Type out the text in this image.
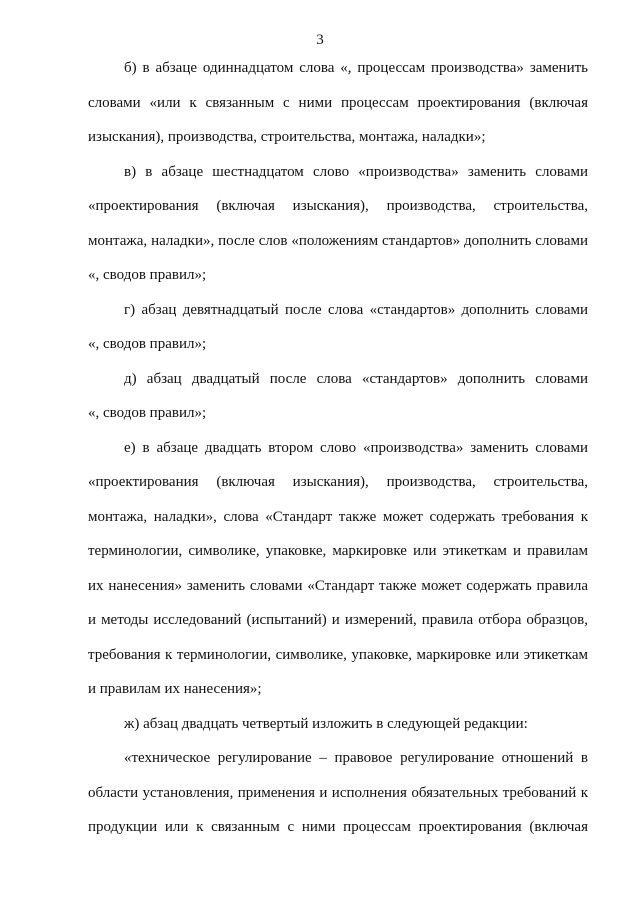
3
б) в абзаце одиннадцатом слова «, процессам производства» заменить
словами «или к связанным с ними процессам проектирования (включая
изыскания), производства, строительства, монтажа, наладки»;
в) в абзаце шестнадцатом слово «производства» заменить словами
«проектирования (включая изыскания), производства, строительства,
монтажа, наладки», после слов «положениям стандартов» дополнить словами
«, сводов правил»;
г) абзац девятнадцатый после слова «стандартов» дополнить словами
«, сводов правил»;
д) абзац двадцатый после слова «стандартов» дополнить словами
«, сводов правил»;
е) в абзаце двадцать втором слово «производства» заменить словами
«проектирования (включая изыскания), производства, строительства,
монтажа, наладки», слова «Стандарт также может содержать требования к
терминологии, символике, упаковке, маркировке или этикеткам и правилам
их нанесения» заменить словами «Стандарт также может содержать правила
и методы исследований (испытаний) и измерений, правила отбора образцов,
требования к терминологии, символике, упаковке, маркировке или этикеткам
и правилам их нанесения»;
ж) абзац двадцать четвертый изложить в следующей редакции:
«техническое регулирование – правовое регулирование отношений в
области установления, применения и исполнения обязательных требований к
продукции или к связанным с ними процессам проектирования (включая
